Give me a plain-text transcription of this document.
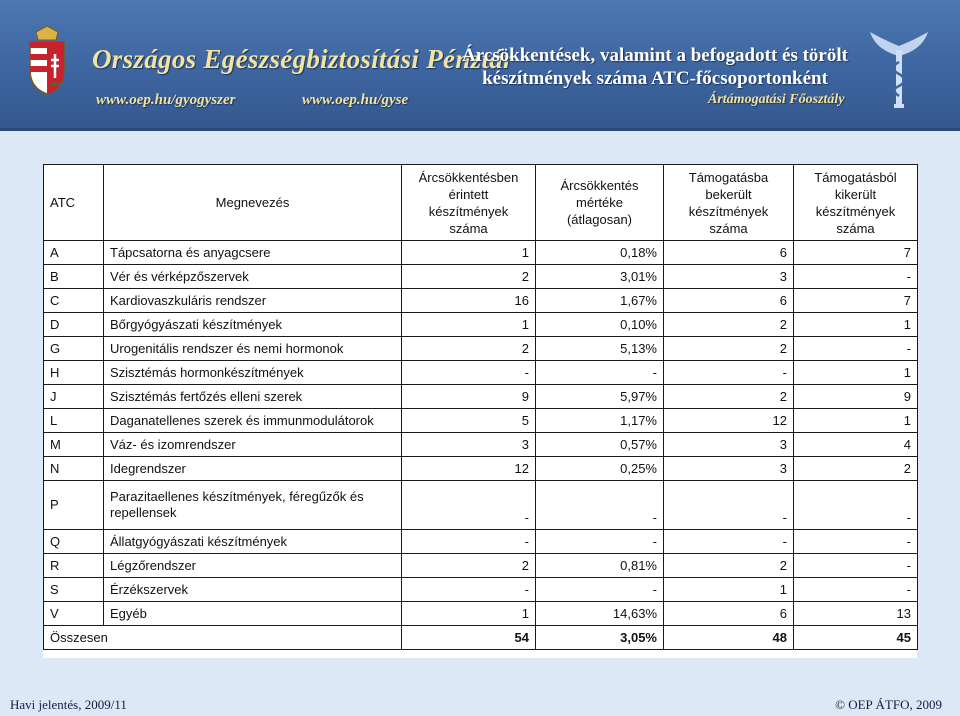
Országos Egészségbiztosítási Pénztár
www.oep.hu/gyogyszer	www.oep.hu/gyse
Árcsökkentések, valamint a befogadott és törölt készítmények száma ATC-főcsoportonként
Ártámogatási Főosztály
ATC	Megnevezés	Árcsökkentésben érintett készítmények száma	Árcsökkentés mértéke (átlagosan)	Támogatásba bekerült készítmények száma	Támogatásból kikerült készítmények száma
A	Tápcsatorna és anyagcsere	1	0,18%	6	7
B	Vér és vérképzőszervek	2	3,01%	3	-
C	Kardiovaszkuláris rendszer	16	1,67%	6	7
D	Bőrgyógyászati készítmények	1	0,10%	2	1
G	Urogenitális rendszer és nemi hormonok	2	5,13%	2	-
H	Szisztémás hormonkészítmények	-	-	-	1
J	Szisztémás fertőzés elleni szerek	9	5,97%	2	9
L	Daganatellenes szerek és immunmodulátorok	5	1,17%	12	1
M	Váz- és izomrendszer	3	0,57%	3	4
N	Idegrendszer	12	0,25%	3	2
P	Parazitaellenes készítmények, féregűzők és repellensek	-	-	-	-
Q	Állatgyógyászati készítmények	-	-	-	-
R	Légzőrendszer	2	0,81%	2	-
S	Érzékszervek	-	-	1	-
V	Egyéb	1	14,63%	6	13
Összesen		54	3,05%	48	45
Havi jelentés, 2009/11	© OEP ÁTFO, 2009
